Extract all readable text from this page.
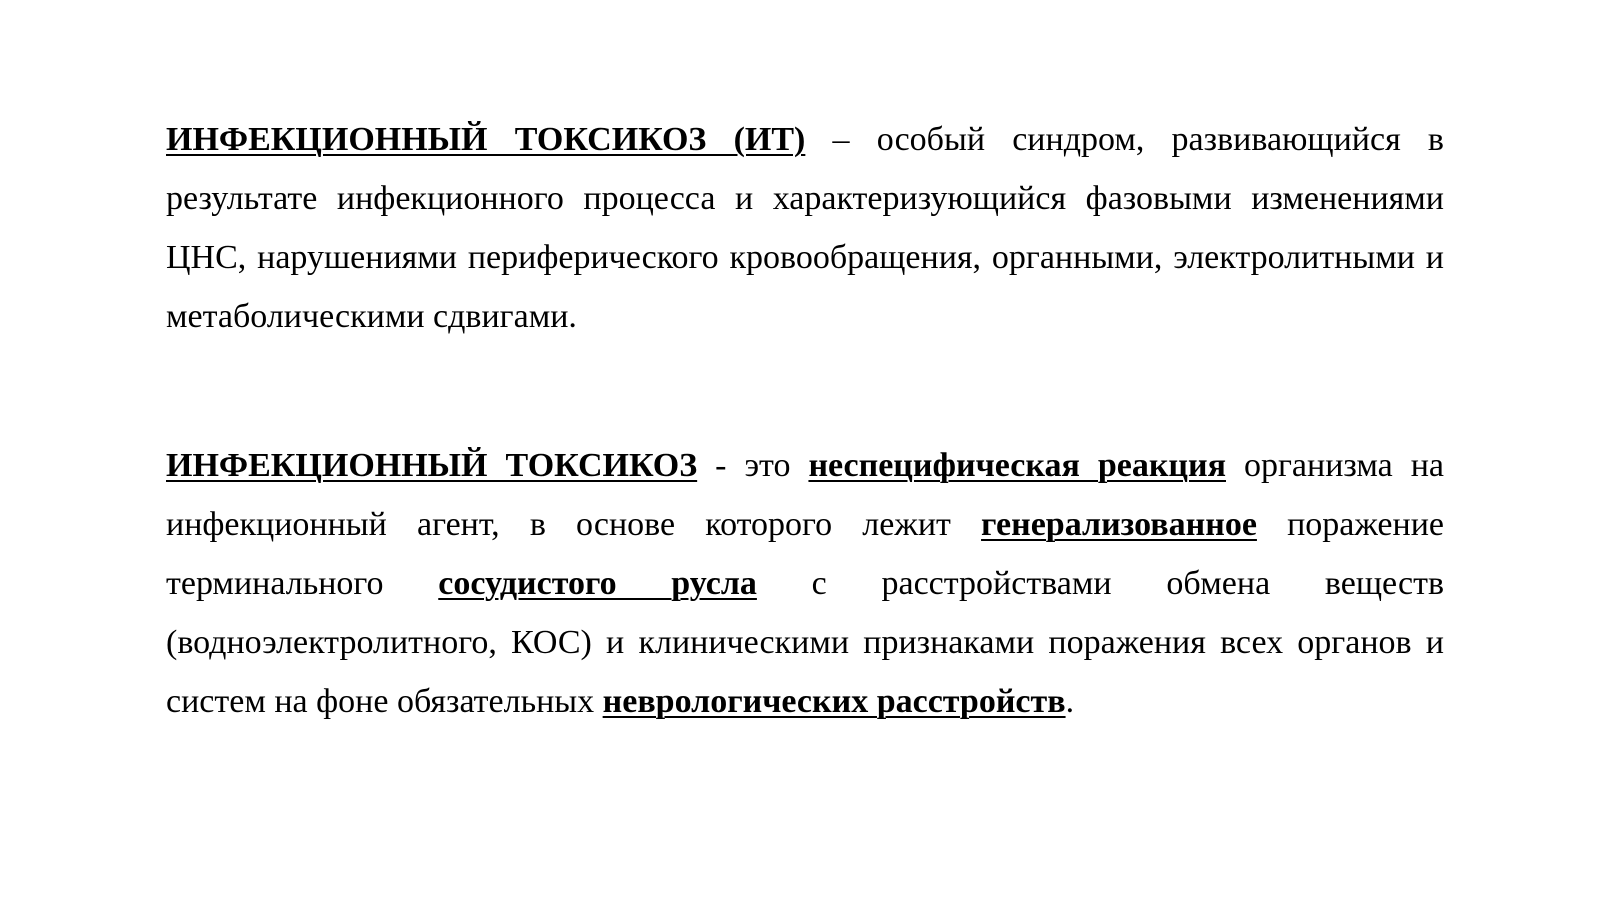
ИНФЕКЦИОННЫЙ ТОКСИКОЗ (ИТ) – особый синдром, развивающийся в результате инфекционного процесса и характеризующийся фазовыми изменениями ЦНС, нарушениями периферического кровообращения, органными, электролитными и метаболическими сдвигами.

ИНФЕКЦИОННЫЙ ТОКСИКОЗ - это неспецифическая реакция организма на инфекционный агент, в основе которого лежит генерализованное поражение терминального сосудистого русла с расстройствами обмена веществ (водноэлектролитного, КОС) и клиническими признаками поражения всех органов и систем на фоне обязательных неврологических расстройств.
